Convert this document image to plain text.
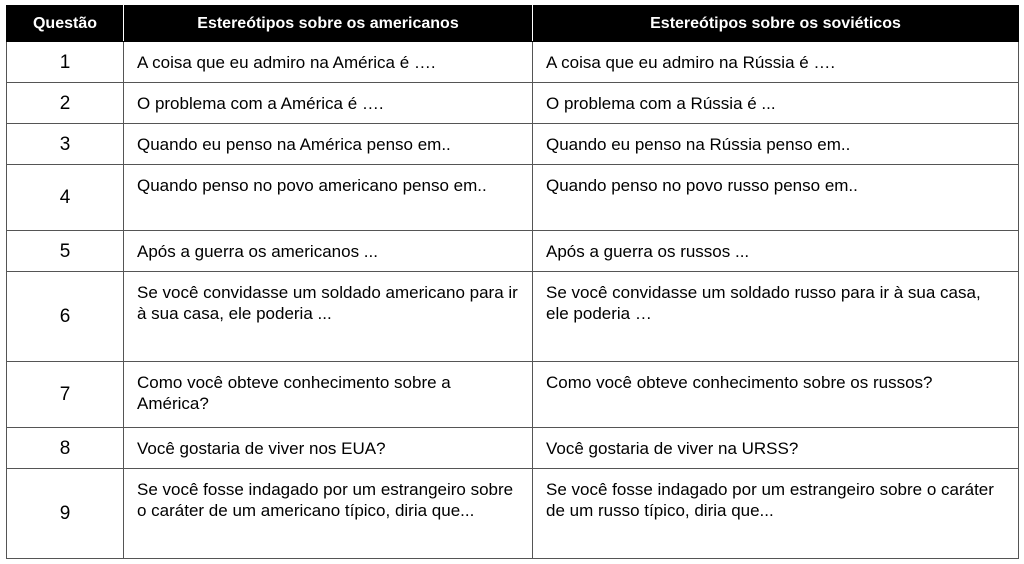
Questão	Estereótipos sobre os americanos	Estereótipos sobre os soviéticos
1	A coisa que eu admiro na América é ….	A coisa que eu admiro na Rússia é ….
2	O problema com a América é ….	O problema com a Rússia é ...
3	Quando eu penso na América penso em..	Quando eu penso na Rússia penso em..
4	Quando penso no povo americano penso em..	Quando penso no povo russo penso em..
5	Após a guerra os americanos ...	Após a guerra os russos ...
6	Se você convidasse um soldado americano para ir à sua casa, ele poderia ...	Se você convidasse um soldado russo para ir à sua casa, ele poderia …
7	Como você obteve conhecimento sobre a América?	Como você obteve conhecimento sobre os russos?
8	Você gostaria de viver nos EUA?	Você gostaria de viver na URSS?
9	Se você fosse indagado por um estrangeiro sobre o caráter de um americano típico, diria que...	Se você fosse indagado por um estrangeiro sobre o caráter de um russo típico, diria que...
